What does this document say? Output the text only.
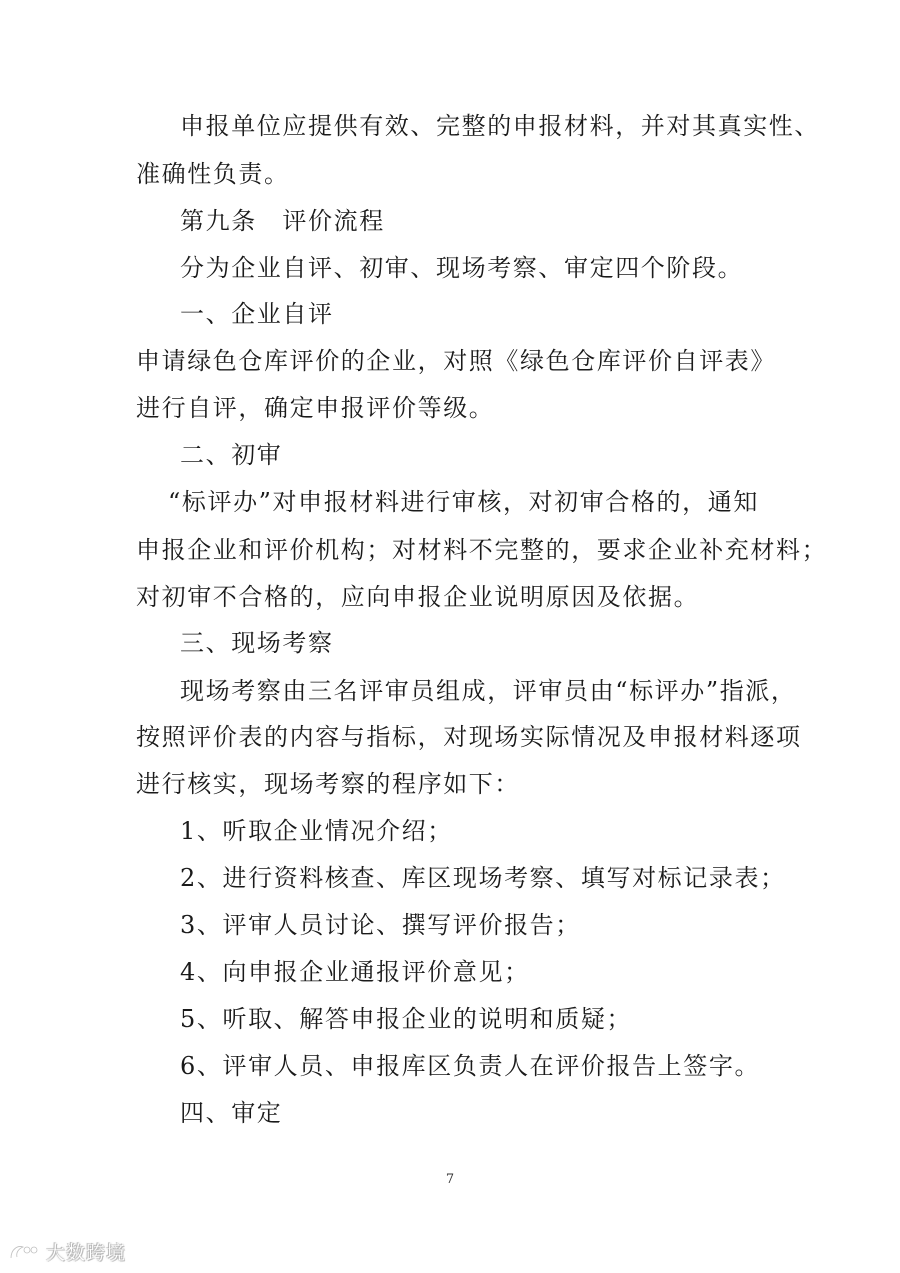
申报单位应提供有效、完整的申报材料，并对其真实性、
准确性负责。
第九条　评价流程
分为企业自评、初审、现场考察、审定四个阶段。
一、企业自评
申请绿色仓库评价的企业，对照《绿色仓库评价自评表》
进行自评，确定申报评价等级。
二、初审
“标评办”对申报材料进行审核，对初审合格的，通知
申报企业和评价机构；对材料不完整的，要求企业补充材料；
对初审不合格的，应向申报企业说明原因及依据。
三、现场考察
现场考察由三名评审员组成，评审员由“标评办”指派，
按照评价表的内容与指标，对现场实际情况及申报材料逐项
进行核实，现场考察的程序如下：
1、听取企业情况介绍；
2、进行资料核查、库区现场考察、填写对标记录表；
3、评审人员讨论、撰写评价报告；
4、向申报企业通报评价意见；
5、听取、解答申报企业的说明和质疑；
6、评审人员、申报库区负责人在评价报告上签字。
四、审定
7
大数跨境
